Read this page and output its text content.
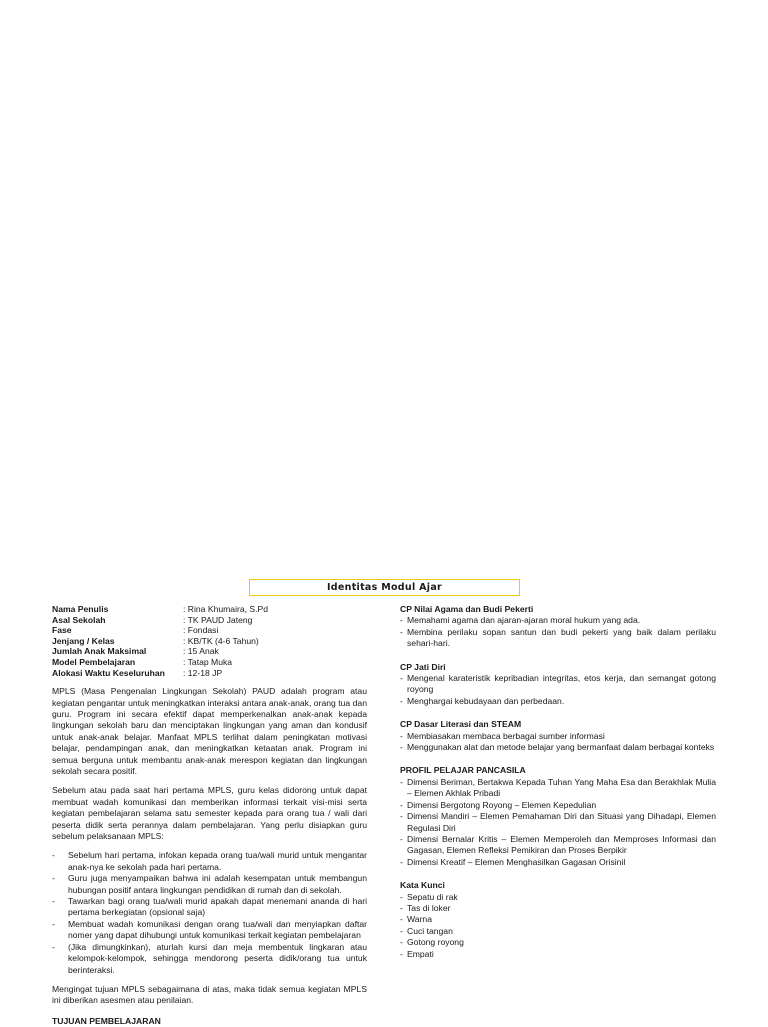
Identitas Modul Ajar
Nama Penulis	: Rina Khumaira, S.Pd
Asal Sekolah	: TK PAUD Jateng
Fase	: Fondasi
Jenjang / Kelas	: KB/TK (4-6 Tahun)
Jumlah Anak Maksimal	: 15 Anak
Model Pembelajaran	: Tatap Muka
Alokasi Waktu Keseluruhan	: 12-18 JP

MPLS (Masa Pengenalan Lingkungan Sekolah) PAUD adalah program atau kegiatan pengantar untuk meningkatkan interaksi antara anak-anak, orang tua dan guru. Program ini secara efektif dapat memperkenalkan anak-anak kepada lingkungan sekolah baru dan menciptakan lingkungan yang aman dan kondusif untuk anak-anak belajar. Manfaat MPLS terlihat dalam peningkatan motivasi belajar, pendampingan anak, dan meningkatkan ketaatan anak. Program ini semua berguna untuk membantu anak-anak merespon kegiatan dan lingkungan sekolah secara positif.

Sebelum atau pada saat hari pertama MPLS, guru kelas didorong untuk dapat membuat wadah komunikasi dan memberikan informasi terkait visi-misi serta kegiatan pembelajaran selama satu semester kepada para orang tua / wali dari peserta didik serta perannya dalam pembelajaran. Yang perlu disiapkan guru sebelum pelaksanaan MPLS:

- Sebelum hari pertama, infokan kepada orang tua/wali murid untuk mengantar anak-nya ke sekolah pada hari pertama.
- Guru juga menyampaikan bahwa ini adalah kesempatan untuk membangun hubungan positif antara lingkungan pendidikan di rumah dan di sekolah.
- Tawarkan bagi orang tua/wali murid apakah dapat menemani ananda di hari pertama berkegiatan (opsional saja)
- Membuat wadah komunikasi dengan orang tua/wali dan menyiapkan daftar nomer yang dapat dihubungi untuk komunikasi terkait kegiatan pembelajaran
- (Jika dimungkinkan), aturlah kursi dan meja membentuk lingkaran atau kelompok-kelompok, sehingga mendorong peserta didik/orang tua untuk berinteraksi.

Mengingat tujuan MPLS sebagaimana di atas, maka tidak semua kegiatan MPLS ini diberikan asesmen atau penilaian.

CP Nilai Agama dan Budi Pekerti
- Memahami agama dan ajaran-ajaran moral hukum yang ada.
- Membina perilaku sopan santun dan budi pekerti yang baik dalam perilaku sehari-hari.
CP Jati Diri
- Mengenal karateristik kepribadian integritas, etos kerja, dan semangat gotong royong
- Menghargai kebudayaan dan perbedaan.
CP Dasar Literasi dan STEAM
- Membiasakan membaca berbagai sumber informasi
- Menggunakan alat dan metode belajar yang bermanfaat dalam berbagai konteks
PROFIL PELAJAR PANCASILA
- Dimensi Beriman, Bertakwa Kepada Tuhan Yang Maha Esa dan Berakhlak Mulia – Elemen Akhlak Pribadi
- Dimensi Bergotong Royong – Elemen Kepedulian
- Dimensi Mandiri – Elemen Pemahaman Diri dan Situasi yang Dihadapi, Elemen Regulasi Diri
- Dimensi Bernalar Kritis – Elemen Memperoleh dan Memproses Informasi dan Gagasan, Elemen Refleksi Pemikiran dan Proses Berpikir
- Dimensi Kreatif – Elemen Menghasilkan Gagasan Orisinil
Kata Kunci
- Sepatu di rak
- Tas di loker
- Warna
- Cuci tangan
- Gotong royong
- Empati
TUJUAN PEMBELAJARAN
